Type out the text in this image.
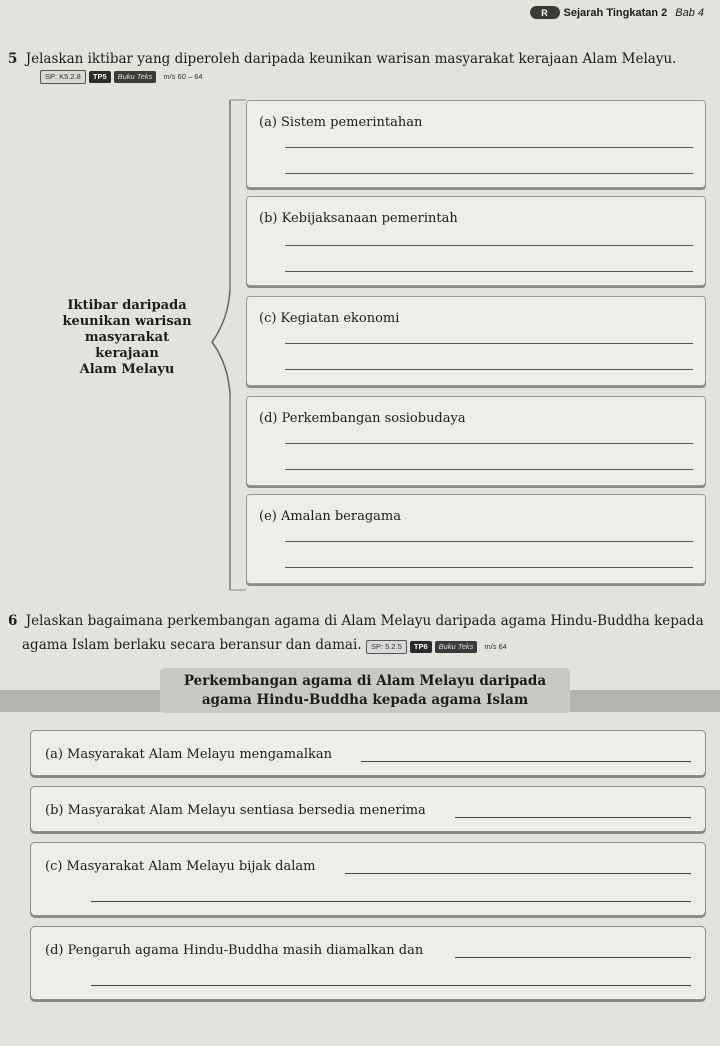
R	Sejarah Tingkatan 2 Bab 4
5 Jelaskan iktibar yang diperoleh daripada keunikan warisan masyarakat kerajaan Alam Melayu.
SP: K5.2.8	TP5	Buku Teks	m/s 60 – 64
Iktibar daripada
keunikan warisan
masyarakat
kerajaan
Alam Melayu
(a) Sistem pemerintahan
(b) Kebijaksanaan pemerintah
(c) Kegiatan ekonomi
(d) Perkembangan sosiobudaya
(e) Amalan beragama
6 Jelaskan bagaimana perkembangan agama di Alam Melayu daripada agama Hindu-Buddha kepada
agama Islam berlaku secara beransur dan damai.	SP: 5.2.5	TP6	Buku Teks	m/s 64
Perkembangan agama di Alam Melayu daripada
agama Hindu-Buddha kepada agama Islam
(a) Masyarakat Alam Melayu mengamalkan
(b) Masyarakat Alam Melayu sentiasa bersedia menerima
(c) Masyarakat Alam Melayu bijak dalam
(d) Pengaruh agama Hindu-Buddha masih diamalkan dan
